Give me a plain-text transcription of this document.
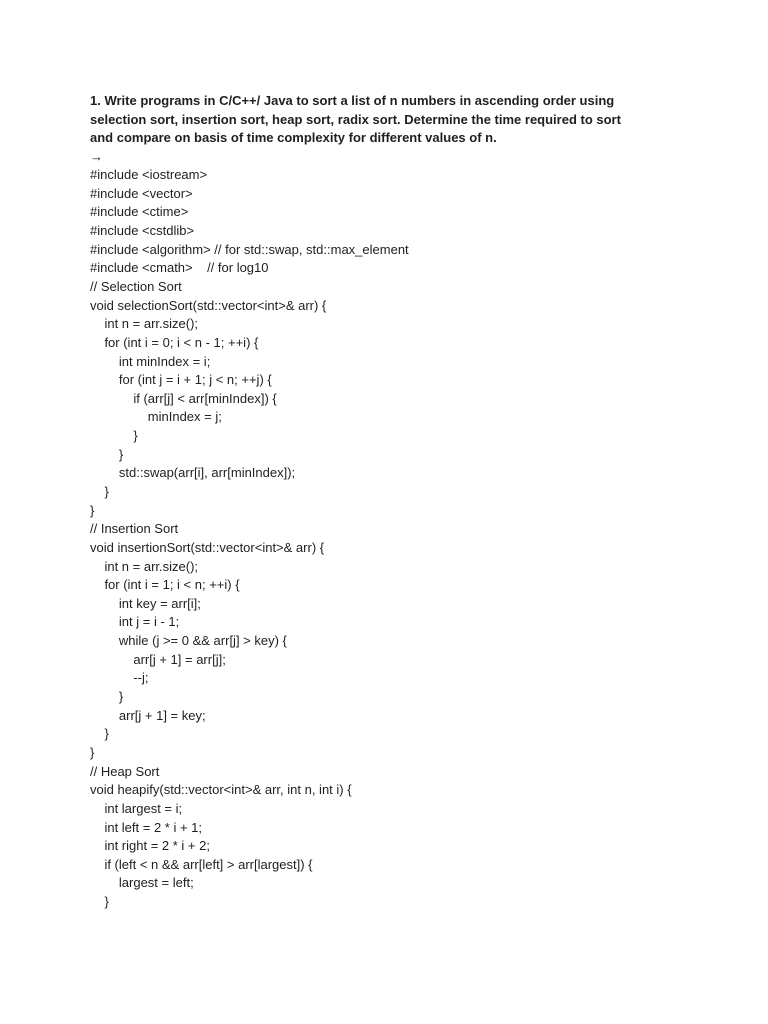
1. Write programs in C/C++/ Java to sort a list of n numbers in ascending order using
selection sort, insertion sort, heap sort, radix sort. Determine the time required to sort
and compare on basis of time complexity for different values of n.

→
#include <iostream>
#include <vector>
#include <ctime>
#include <cstdlib>
#include <algorithm> // for std::swap, std::max_element
#include <cmath>    // for log10
// Selection Sort
void selectionSort(std::vector<int>& arr) {
int n = arr.size();
for (int i = 0; i < n - 1; ++i) {
int minIndex = i;
for (int j = i + 1; j < n; ++j) {
if (arr[j] < arr[minIndex]) {
minIndex = j;
}
}
std::swap(arr[i], arr[minIndex]);
}
}
// Insertion Sort
void insertionSort(std::vector<int>& arr) {
int n = arr.size();
for (int i = 1; i < n; ++i) {
int key = arr[i];
int j = i - 1;
while (j >= 0 && arr[j] > key) {
arr[j + 1] = arr[j];
--j;
}
arr[j + 1] = key;
}
}
// Heap Sort
void heapify(std::vector<int>& arr, int n, int i) {
int largest = i;
int left = 2 * i + 1;
int right = 2 * i + 2;
if (left < n && arr[left] > arr[largest]) {
largest = left;
}
